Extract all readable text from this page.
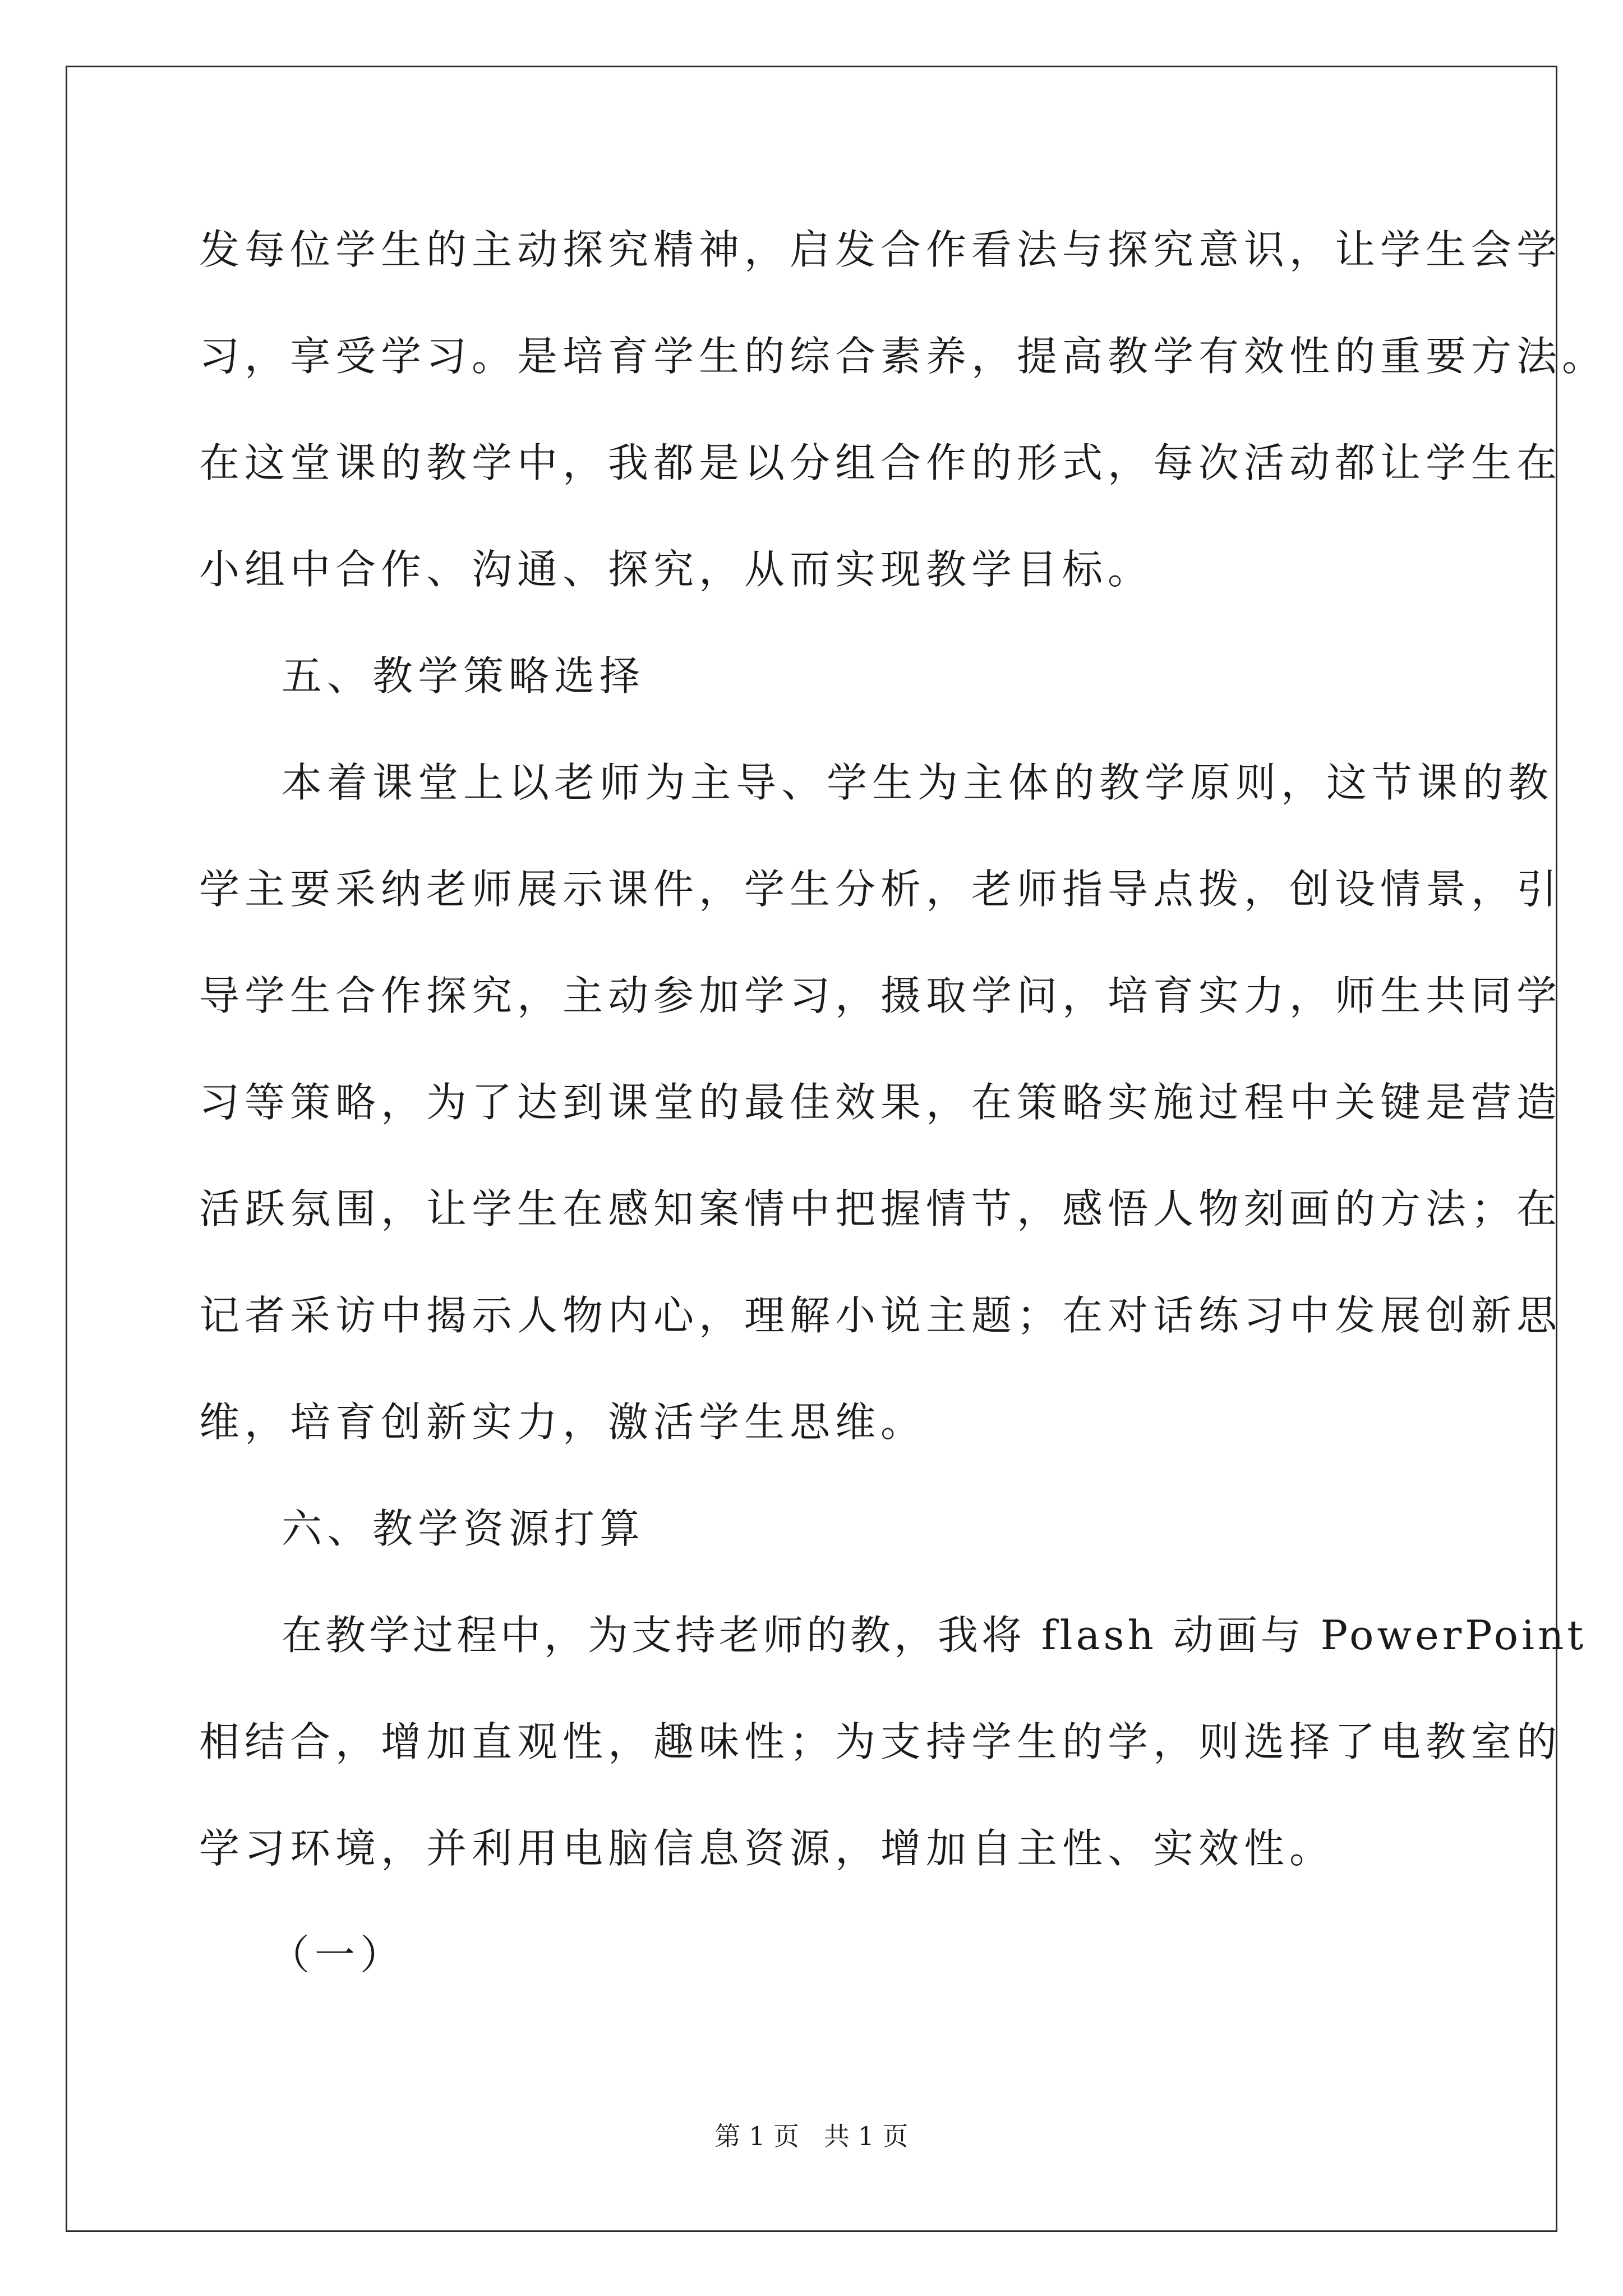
发每位学生的主动探究精神，启发合作看法与探究意识，让学生会学
习，享受学习。是培育学生的综合素养，提高教学有效性的重要方法。
在这堂课的教学中，我都是以分组合作的形式，每次活动都让学生在
小组中合作、沟通、探究，从而实现教学目标。
五、教学策略选择
本着课堂上以老师为主导、学生为主体的教学原则，这节课的教
学主要采纳老师展示课件，学生分析，老师指导点拨，创设情景，引
导学生合作探究，主动参加学习，摄取学问，培育实力，师生共同学
习等策略，为了达到课堂的最佳效果，在策略实施过程中关键是营造
活跃氛围，让学生在感知案情中把握情节，感悟人物刻画的方法；在
记者采访中揭示人物内心，理解小说主题；在对话练习中发展创新思
维，培育创新实力，激活学生思维。
六、教学资源打算
在教学过程中，为支持老师的教，我将 flash 动画与 PowerPoint
相结合，增加直观性，趣味性；为支持学生的学，则选择了电教室的
学习环境，并利用电脑信息资源，增加自主性、实效性。
（一）
第 1 页   共 1 页
